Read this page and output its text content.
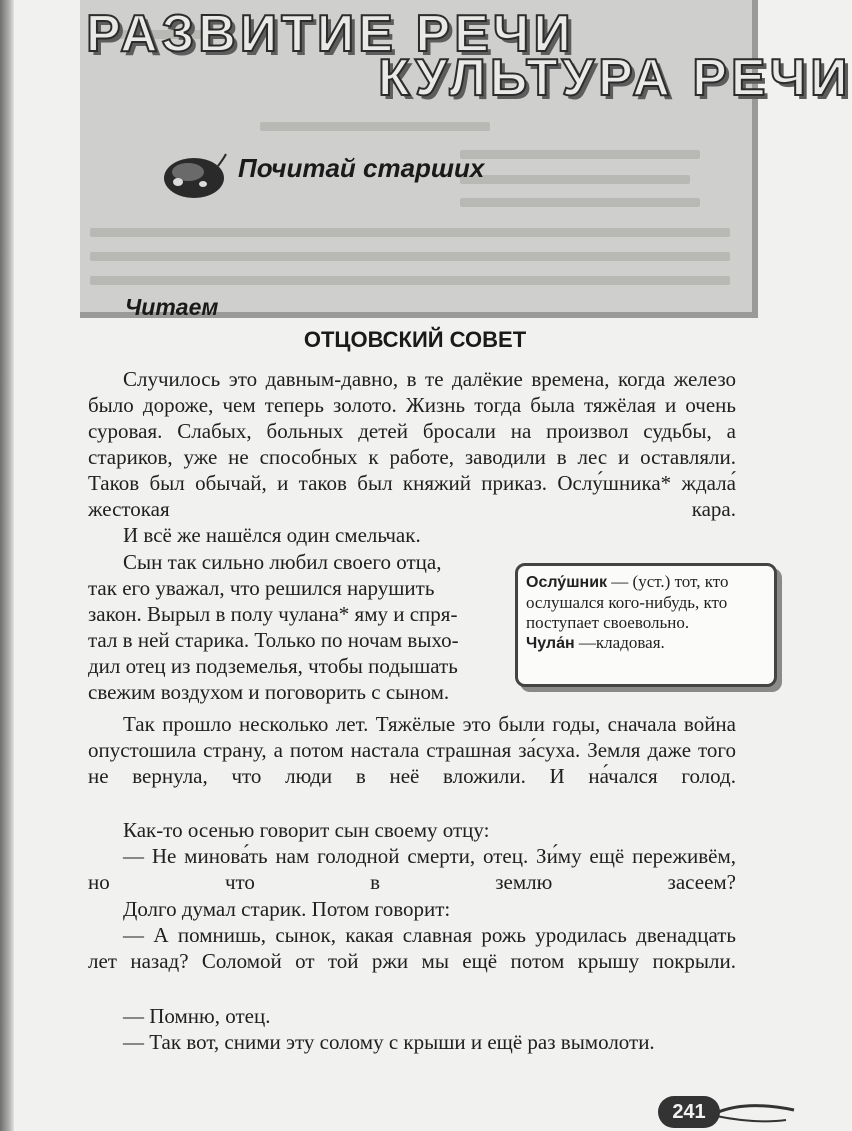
РАЗВИТИЕ РЕЧИ
КУЛЬТУРА РЕЧИ
Почитай старших
Читаем
ОТЦОВСКИЙ СОВЕТ

Случилось это давным-давно, в те далёкие времена, когда железо было дороже, чем теперь золото. Жизнь тогда была тяжёлая и очень суровая. Слабых, больных детей бросали на произвол судьбы, а стариков, уже не способных к работе, заводили в лес и оставляли. Таков был обычай, и таков был княжий приказ. Ослу́шника* ждала́ жестокая кара.

И всё же нашёлся один смельчак.

Сын так сильно любил своего отца,
так его уважал, что решился нарушить
закон. Вырыл в полу чулана* яму и спря-
тал в ней старика. Только по ночам выхо-
дил отец из подземелья, чтобы подышать
свежим воздухом и поговорить с сыном.

Ослу́шник — (уст.) тот, кто ослушался кого-нибудь, кто поступает своевольно.

Чула́н —кладовая.

Так прошло несколько лет. Тяжёлые это были годы, сначала война опустошила страну, а потом настала страшная за́суха. Земля даже того не вернула, что люди в неё вложили. И на́чался голод.

Как-то осенью говорит сын своему отцу:

— Не минова́ть нам голодной смерти, отец. Зи́му ещё переживём, но что в землю засеем?

Долго думал старик. Потом говорит:

— А помнишь, сынок, какая славная рожь уродилась двенадцать лет назад? Соломой от той ржи мы ещё потом крышу покрыли.

— Помню, отец.

— Так вот, сними эту солому с крыши и ещё раз вымолоти.

241
